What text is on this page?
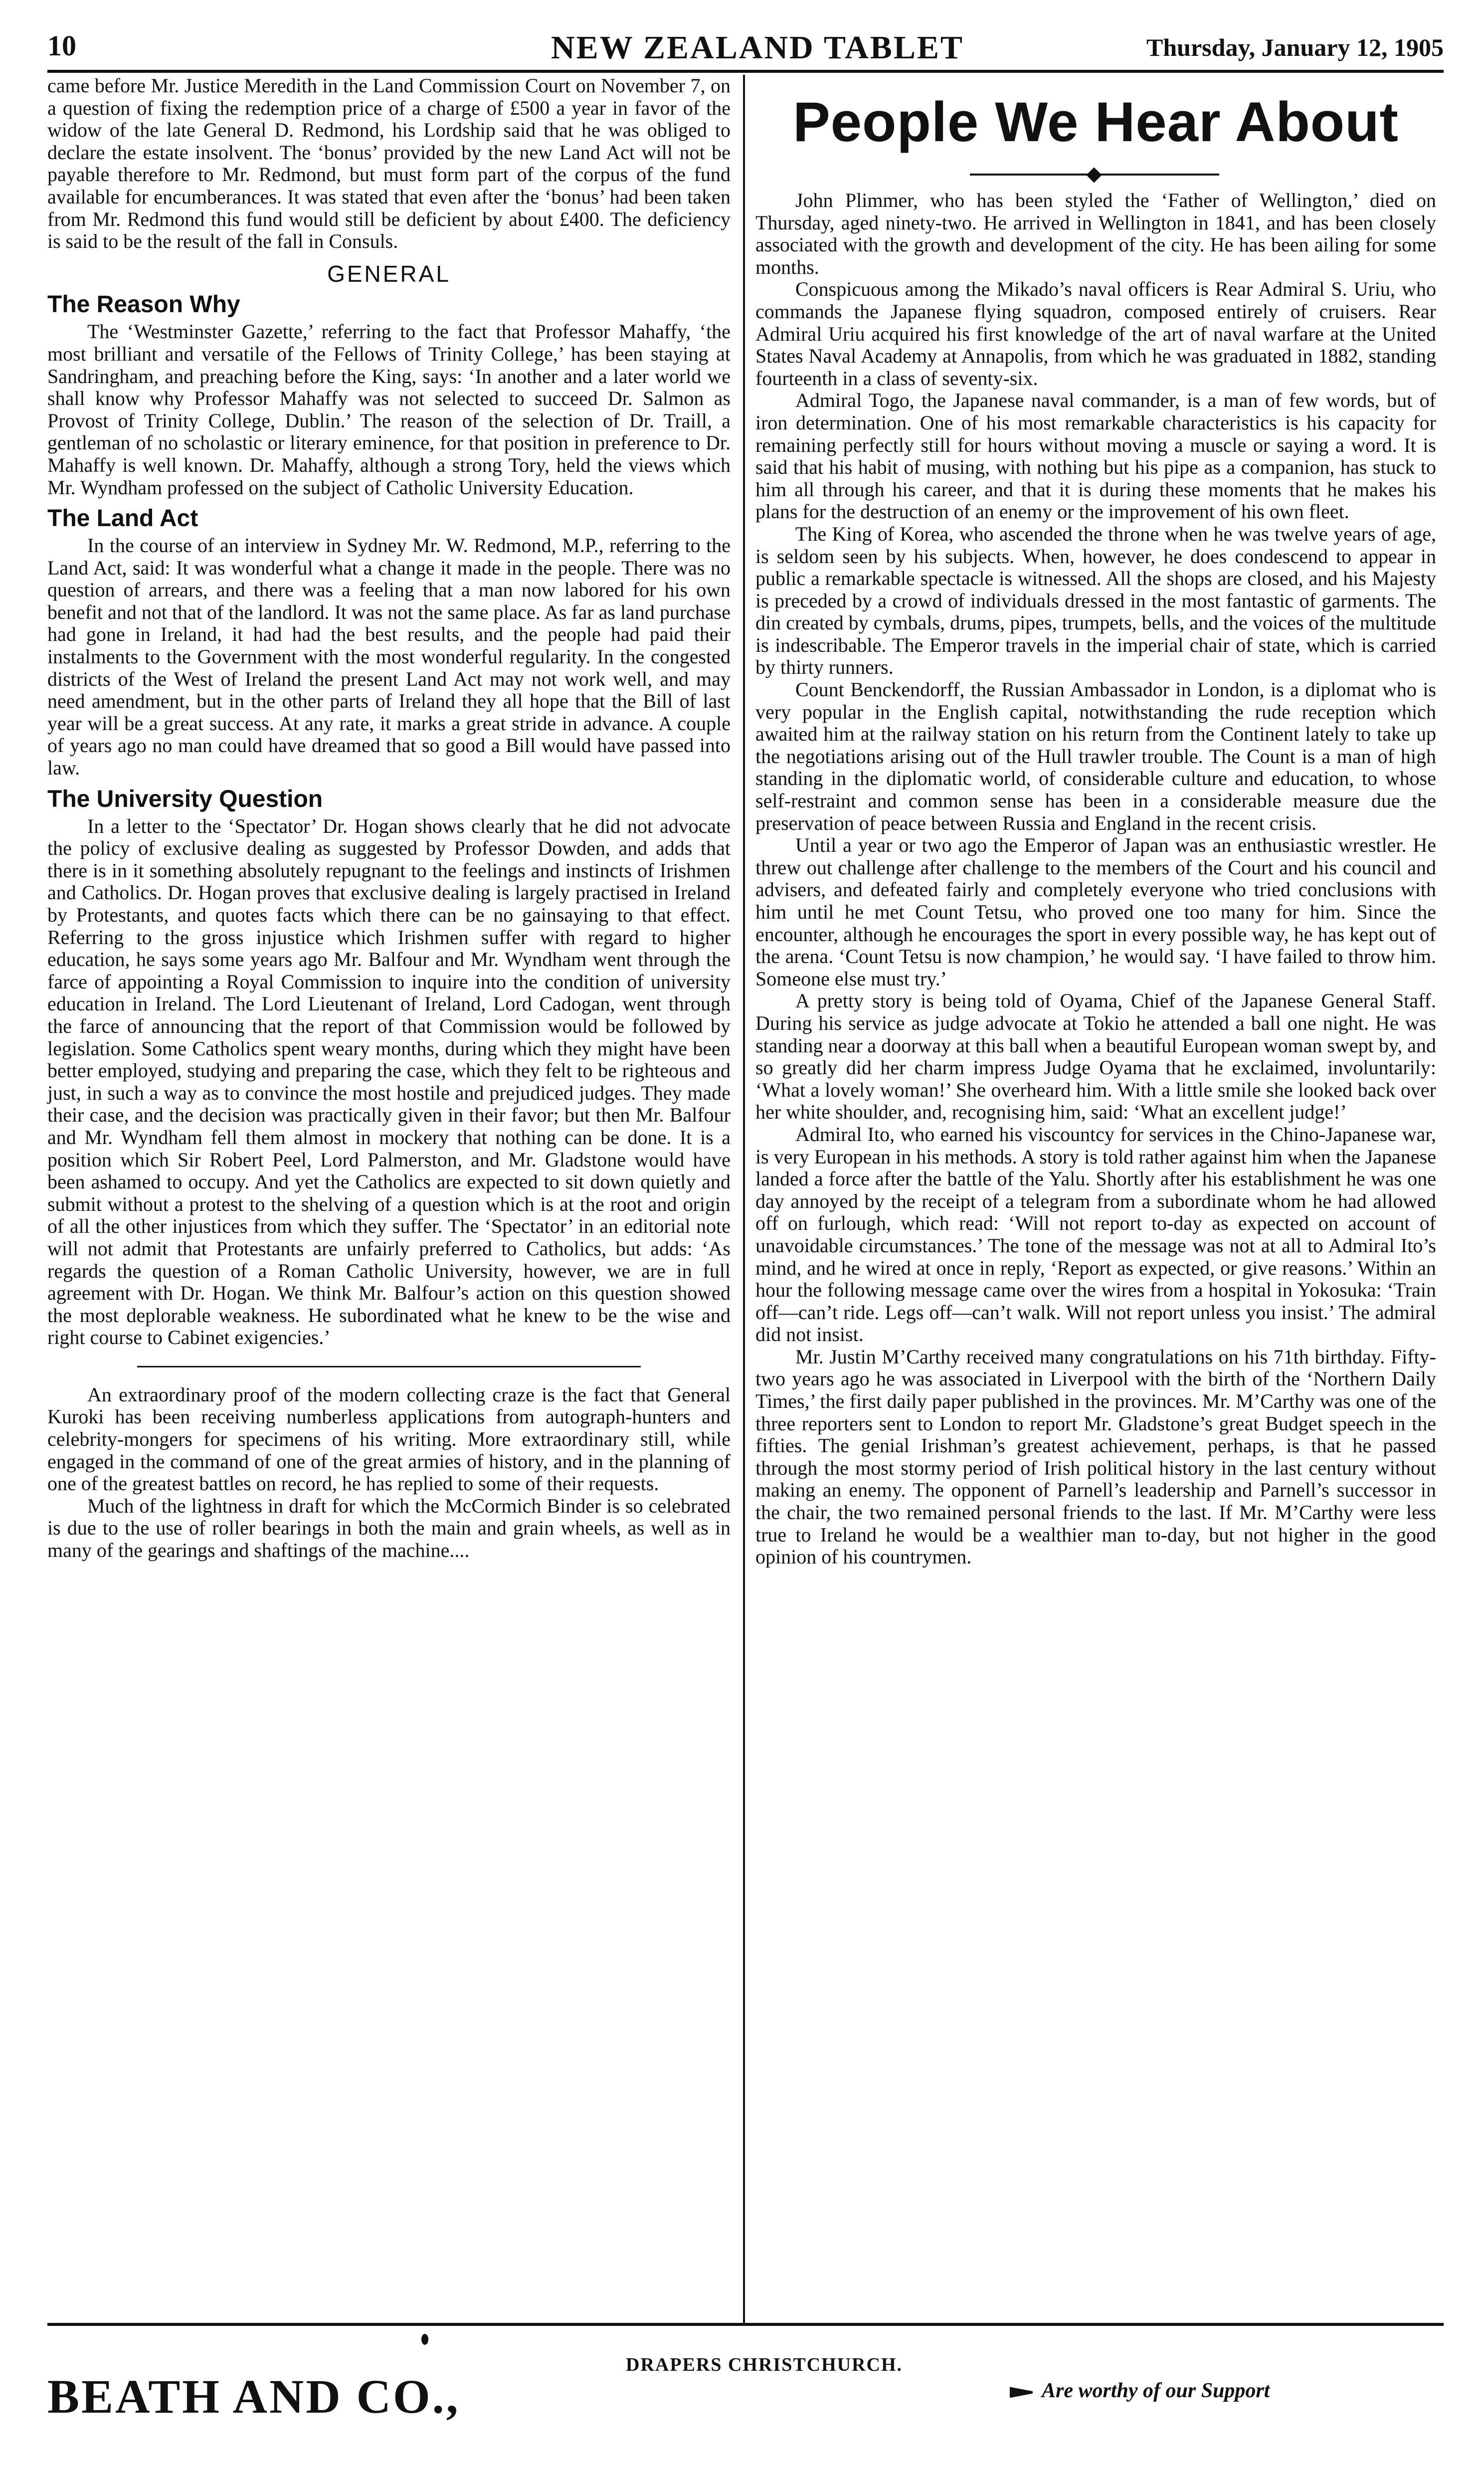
10	NEW ZEALAND TABLET	Thursday, January 12, 1905

came before Mr. Justice Meredith in the Land Commission Court on November 7, on a question of fixing the redemption price of a charge of £500 a year in favor of the widow of the late General D. Redmond, his Lordship said that he was obliged to declare the estate insolvent. The ‘bonus’ provided by the new Land Act will not be payable therefore to Mr. Redmond, but must form part of the corpus of the fund available for encumberances. It was stated that even after the ‘bonus’ had been taken from Mr. Redmond this fund would still be deficient by about £400. The deficiency is said to be the result of the fall in Consuls.

GENERAL
The Reason Why

The ‘Westminster Gazette,’ referring to the fact that Professor Mahaffy, ‘the most brilliant and versatile of the Fellows of Trinity College,’ has been staying at Sandringham, and preaching before the King, says: ‘In another and a later world we shall know why Professor Mahaffy was not selected to succeed Dr. Salmon as Provost of Trinity College, Dublin.’ The reason of the selection of Dr. Traill, a gentleman of no scholastic or literary eminence, for that position in preference to Dr. Mahaffy is well known. Dr. Mahaffy, although a strong Tory, held the views which Mr. Wyndham professed on the subject of Catholic University Education.

The Land Act

In the course of an interview in Sydney Mr. W. Redmond, M.P., referring to the Land Act, said: It was wonderful what a change it made in the people. There was no question of arrears, and there was a feeling that a man now labored for his own benefit and not that of the landlord. It was not the same place. As far as land purchase had gone in Ireland, it had had the best results, and the people had paid their instalments to the Government with the most wonderful regularity. In the congested districts of the West of Ireland the present Land Act may not work well, and may need amendment, but in the other parts of Ireland they all hope that the Bill of last year will be a great success. At any rate, it marks a great stride in advance. A couple of years ago no man could have dreamed that so good a Bill would have passed into law.

The University Question

In a letter to the ‘Spectator’ Dr. Hogan shows clearly that he did not advocate the policy of exclusive dealing as suggested by Professor Dowden, and adds that there is in it something absolutely repugnant to the feelings and instincts of Irishmen and Catholics. Dr. Hogan proves that exclusive dealing is largely practised in Ireland by Protestants, and quotes facts which there can be no gainsaying to that effect. Referring to the gross injustice which Irishmen suffer with regard to higher education, he says some years ago Mr. Balfour and Mr. Wyndham went through the farce of appointing a Royal Commission to inquire into the condition of university education in Ireland. The Lord Lieutenant of Ireland, Lord Cadogan, went through the farce of announcing that the report of that Commission would be followed by legislation. Some Catholics spent weary months, during which they might have been better employed, studying and preparing the case, which they felt to be righteous and just, in such a way as to convince the most hostile and prejudiced judges. They made their case, and the decision was practically given in their favor; but then Mr. Balfour and Mr. Wyndham fell them almost in mockery that nothing can be done. It is a position which Sir Robert Peel, Lord Palmerston, and Mr. Gladstone would have been ashamed to occupy. And yet the Catholics are expected to sit down quietly and submit without a protest to the shelving of a question which is at the root and origin of all the other injustices from which they suffer. The ‘Spectator’ in an editorial note will not admit that Protestants are unfairly preferred to Catholics, but adds: ‘As regards the question of a Roman Catholic University, however, we are in full agreement with Dr. Hogan. We think Mr. Balfour’s action on this question showed the most deplorable weakness. He subordinated what he knew to be the wise and right course to Cabinet exigencies.’

An extraordinary proof of the modern collecting craze is the fact that General Kuroki has been receiving numberless applications from autograph-hunters and celebrity-mongers for specimens of his writing. More extraordinary still, while engaged in the command of one of the great armies of history, and in the planning of one of the greatest battles on record, he has replied to some of their requests.

Much of the lightness in draft for which the McCormich Binder is so celebrated is due to the use of roller bearings in both the main and grain wheels, as well as in many of the gearings and shaftings of the machine....

People We Hear About

John Plimmer, who has been styled the ‘Father of Wellington,’ died on Thursday, aged ninety-two. He arrived in Wellington in 1841, and has been closely associated with the growth and development of the city. He has been ailing for some months.

Conspicuous among the Mikado’s naval officers is Rear Admiral S. Uriu, who commands the Japanese flying squadron, composed entirely of cruisers. Rear Admiral Uriu acquired his first knowledge of the art of naval warfare at the United States Naval Academy at Annapolis, from which he was graduated in 1882, standing fourteenth in a class of seventy-six.

Admiral Togo, the Japanese naval commander, is a man of few words, but of iron determination. One of his most remarkable characteristics is his capacity for remaining perfectly still for hours without moving a muscle or saying a word. It is said that his habit of musing, with nothing but his pipe as a companion, has stuck to him all through his career, and that it is during these moments that he makes his plans for the destruction of an enemy or the improvement of his own fleet.

The King of Korea, who ascended the throne when he was twelve years of age, is seldom seen by his subjects. When, however, he does condescend to appear in public a remarkable spectacle is witnessed. All the shops are closed, and his Majesty is preceded by a crowd of individuals dressed in the most fantastic of garments. The din created by cymbals, drums, pipes, trumpets, bells, and the voices of the multitude is indescribable. The Emperor travels in the imperial chair of state, which is carried by thirty runners.

Count Benckendorff, the Russian Ambassador in London, is a diplomat who is very popular in the English capital, notwithstanding the rude reception which awaited him at the railway station on his return from the Continent lately to take up the negotiations arising out of the Hull trawler trouble. The Count is a man of high standing in the diplomatic world, of considerable culture and education, to whose self-restraint and common sense has been in a considerable measure due the preservation of peace between Russia and England in the recent crisis.

Until a year or two ago the Emperor of Japan was an enthusiastic wrestler. He threw out challenge after challenge to the members of the Court and his council and advisers, and defeated fairly and completely everyone who tried conclusions with him until he met Count Tetsu, who proved one too many for him. Since the encounter, although he encourages the sport in every possible way, he has kept out of the arena. ‘Count Tetsu is now champion,’ he would say. ‘I have failed to throw him. Someone else must try.’

A pretty story is being told of Oyama, Chief of the Japanese General Staff. During his service as judge advocate at Tokio he attended a ball one night. He was standing near a doorway at this ball when a beautiful European woman swept by, and so greatly did her charm impress Judge Oyama that he exclaimed, involuntarily: ‘What a lovely woman!’ She overheard him. With a little smile she looked back over her white shoulder, and, recognising him, said: ‘What an excellent judge!’

Admiral Ito, who earned his viscountcy for services in the Chino-Japanese war, is very European in his methods. A story is told rather against him when the Japanese landed a force after the battle of the Yalu. Shortly after his establishment he was one day annoyed by the receipt of a telegram from a subordinate whom he had allowed off on furlough, which read: ‘Will not report to-day as expected on account of unavoidable circumstances.’ The tone of the message was not at all to Admiral Ito’s mind, and he wired at once in reply, ‘Report as expected, or give reasons.’ Within an hour the following message came over the wires from a hospital in Yokosuka: ‘Train off—can’t ride. Legs off—can’t walk. Will not report unless you insist.’ The admiral did not insist.

Mr. Justin M’Carthy received many congratulations on his 71th birthday. Fifty-two years ago he was associated in Liverpool with the birth of the ‘Northern Daily Times,’ the first daily paper published in the provinces. Mr. M’Carthy was one of the three reporters sent to London to report Mr. Gladstone’s great Budget speech in the fifties. The genial Irishman’s greatest achievement, perhaps, is that he passed through the most stormy period of Irish political history in the last century without making an enemy. The opponent of Parnell’s leadership and Parnell’s successor in the chair, the two remained personal friends to the last. If Mr. M’Carthy were less true to Ireland he would be a wealthier man to-day, but not higher in the good opinion of his countrymen.

BEATH AND CO.,
DRAPERS CHRISTCHURCH.
Are worthy of our Support
